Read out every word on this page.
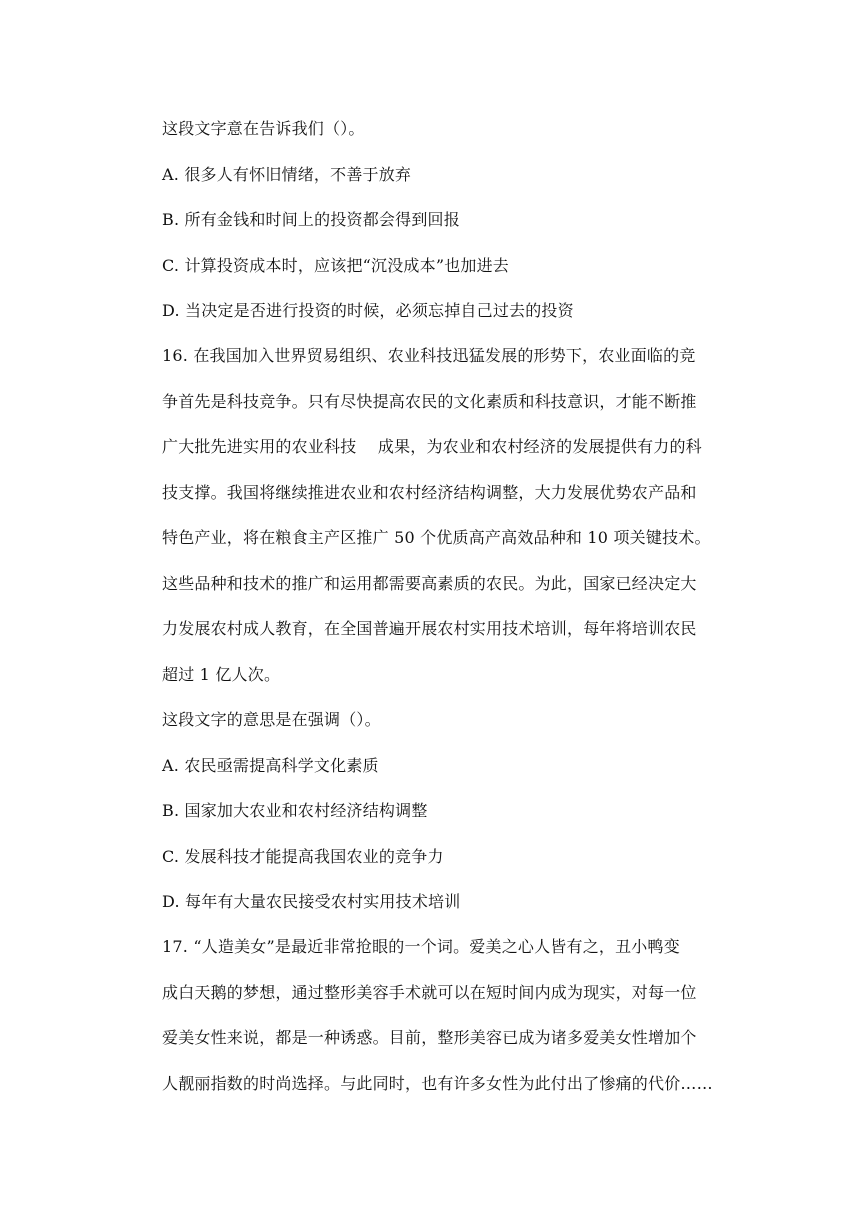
这段文字意在告诉我们（）。
A. 很多人有怀旧情绪，不善于放弃
B. 所有金钱和时间上的投资都会得到回报
C. 计算投资成本时，应该把“沉没成本”也加进去
D. 当决定是否进行投资的时候，必须忘掉自己过去的投资
16. 在我国加入世界贸易组织、农业科技迅猛发展的形势下，农业面临的竞
争首先是科技竞争。只有尽快提高农民的文化素质和科技意识，才能不断推
广大批先进实用的农业科技　 成果，为农业和农村经济的发展提供有力的科
技支撑。我国将继续推进农业和农村经济结构调整，大力发展优势农产品和
特色产业，将在粮食主产区推广 50 个优质高产高效品种和 10 项关键技术。
这些品种和技术的推广和运用都需要高素质的农民。为此，国家已经决定大
力发展农村成人教育，在全国普遍开展农村实用技术培训，每年将培训农民
超过 1 亿人次。
这段文字的意思是在强调（）。
A. 农民亟需提高科学文化素质
B. 国家加大农业和农村经济结构调整
C. 发展科技才能提高我国农业的竞争力
D. 每年有大量农民接受农村实用技术培训
17. “人造美女”是最近非常抢眼的一个词。爱美之心人皆有之，丑小鸭变
成白天鹅的梦想，通过整形美容手术就可以在短时间内成为现实，对每一位
爱美女性来说，都是一种诱惑。目前，整形美容已成为诸多爱美女性增加个
人靓丽指数的时尚选择。与此同时，也有许多女性为此付出了惨痛的代价……
